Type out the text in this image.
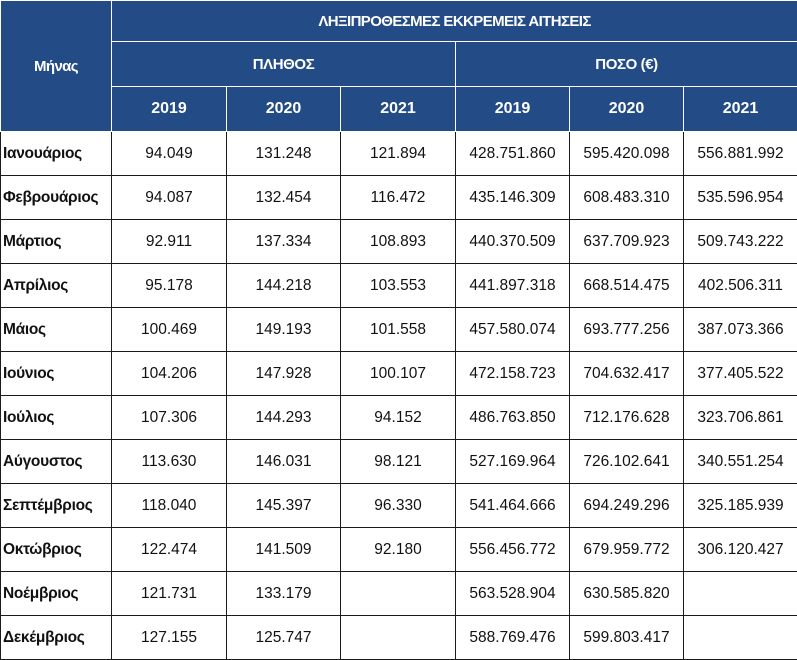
Μήνας	ΛΗΞΙΠΡΟΘΕΣΜΕΣ ΕΚΚΡΕΜΕΙΣ ΑΙΤΗΣΕΙΣ					
	ΠΛΗΘΟΣ			ΠΟΣΟ (€)		
	2019	2020	2021	2019	2020	2021
Ιανουάριος	94.049	131.248	121.894	428.751.860	595.420.098	556.881.992
Φεβρουάριος	94.087	132.454	116.472	435.146.309	608.483.310	535.596.954
Μάρτιος	92.911	137.334	108.893	440.370.509	637.709.923	509.743.222
Απρίλιος	95.178	144.218	103.553	441.897.318	668.514.475	402.506.311
Μάιος	100.469	149.193	101.558	457.580.074	693.777.256	387.073.366
Ιούνιος	104.206	147.928	100.107	472.158.723	704.632.417	377.405.522
Ιούλιος	107.306	144.293	94.152	486.763.850	712.176.628	323.706.861
Αύγουστος	113.630	146.031	98.121	527.169.964	726.102.641	340.551.254
Σεπτέμβριος	118.040	145.397	96.330	541.464.666	694.249.296	325.185.939
Οκτώβριος	122.474	141.509	92.180	556.456.772	679.959.772	306.120.427
Νοέμβριος	121.731	133.179		563.528.904	630.585.820	
Δεκέμβριος	127.155	125.747		588.769.476	599.803.417	
